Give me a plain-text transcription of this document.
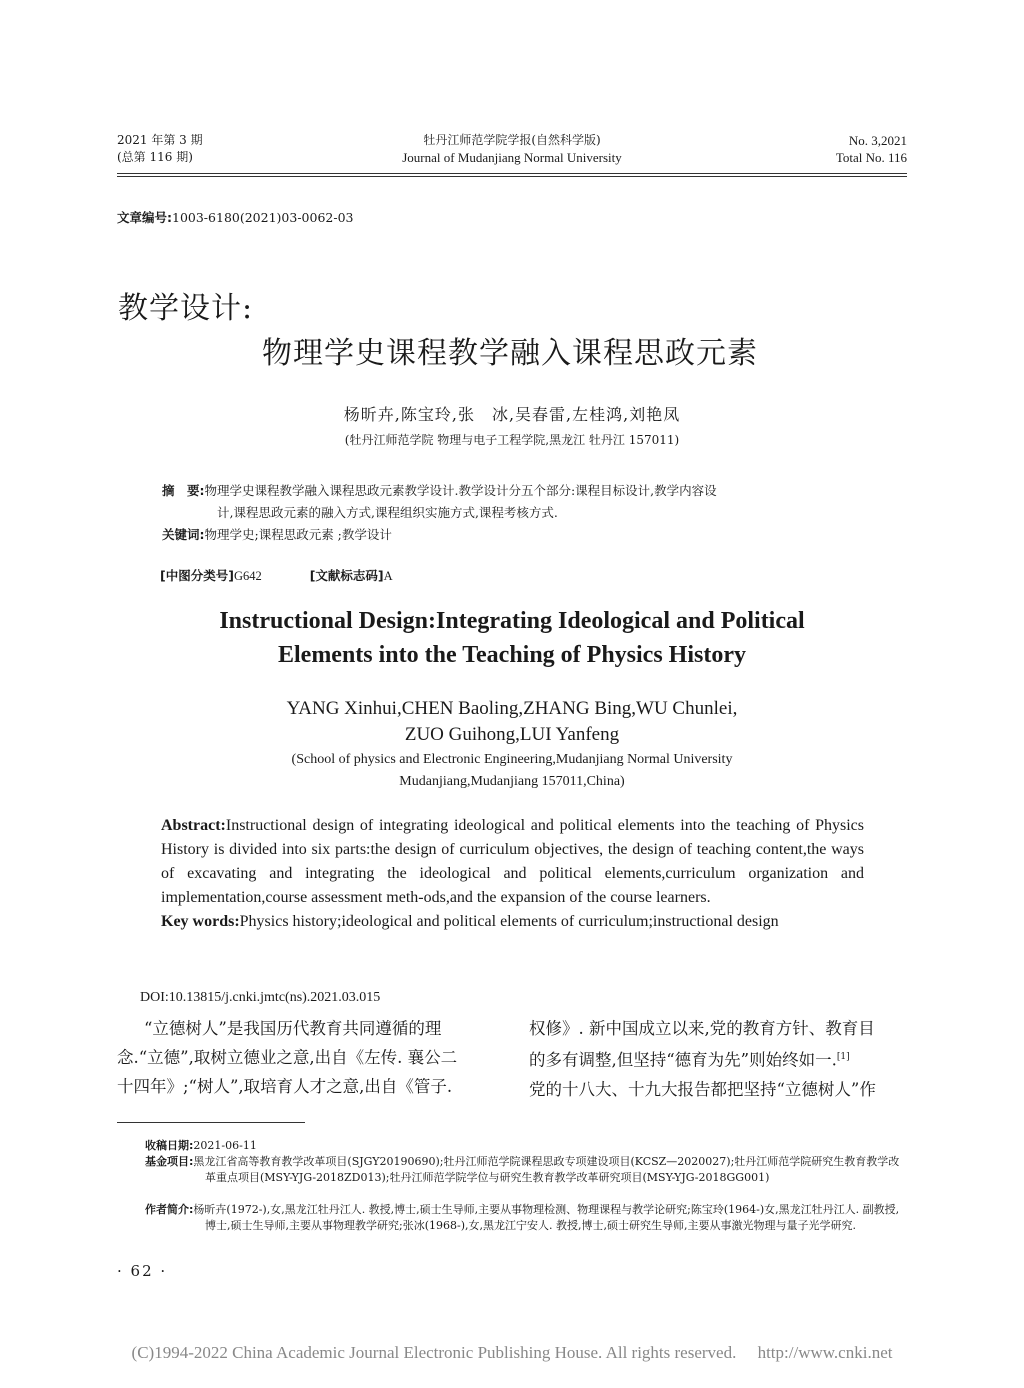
2021 年第 3 期
(总第 116 期)
牡丹江师范学院学报(自然科学版)
Journal of Mudanjiang Normal University
No. 3,2021
Total No. 116
文章编号:1003-6180(2021)03-0062-03
教学设计:
物理学史课程教学融入课程思政元素
杨昕卉,陈宝玲,张　冰,吴春雷,左桂鸿,刘艳凤
(牡丹江师范学院 物理与电子工程学院,黑龙江 牡丹江 157011)
摘　要:物理学史课程教学融入课程思政元素教学设计.教学设计分五个部分:课程目标设计,教学内容设
计,课程思政元素的融入方式,课程组织实施方式,课程考核方式.
关键词:物理学史;课程思政元素 ;教学设计
[中图分类号]G642	[文献标志码]A
Instructional Design:Integrating Ideological and Political
Elements into the Teaching of Physics History
YANG Xinhui,CHEN Baoling,ZHANG Bing,WU Chunlei,
ZUO Guihong,LUI Yanfeng
(School of physics and Electronic Engineering,Mudanjiang Normal University
Mudanjiang,Mudanjiang 157011,China)
Abstract:Instructional design of integrating ideological and political elements into the teaching of Physics History is divided into six parts:the design of curriculum objectives, the design of teaching content,the ways of excavating and integrating the ideological and political elements,curriculum organization and implementation,course assessment meth-ods,and the expansion of the course learners.
Key words:Physics history;ideological and political elements of curriculum;instructional design
DOI:10.13815/j.cnki.jmtc(ns).2021.03.015
“立德树人”是我国历代教育共同遵循的理
念.“立德”,取树立德业之意,出自《左传. 襄公二
十四年》;“树人”,取培育人才之意,出自《管子.
权修》. 新中国成立以来,党的教育方针、教育目
的多有调整,但坚持“德育为先”则始终如一.[1]
党的十八大、十九大报告都把坚持“立德树人”作
收稿日期:2021-06-11
基金项目:黑龙江省高等教育教学改革项目(SJGY20190690);牡丹江师范学院课程思政专项建设项目(KCSZ—2020027);牡丹江师范学院研究生教育教学改革重点项目(MSY-YJG-2018ZD013);牡丹江师范学院学位与研究生教育教学改革研究项目(MSY-YJG-2018GG001)
作者简介:杨昕卉(1972-),女,黑龙江牡丹江人. 教授,博士,硕士生导师,主要从事物理检测、物理课程与教学论研究;陈宝玲(1964-)女,黑龙江牡丹江人. 副教授,博士,硕士生导师,主要从事物理教学研究;张冰(1968-),女,黑龙江宁安人. 教授,博士,硕士研究生导师,主要从事激光物理与量子光学研究.
· 62 ·
(C)1994-2022 China Academic Journal Electronic Publishing House. All rights reserved.　 http://www.cnki.net
